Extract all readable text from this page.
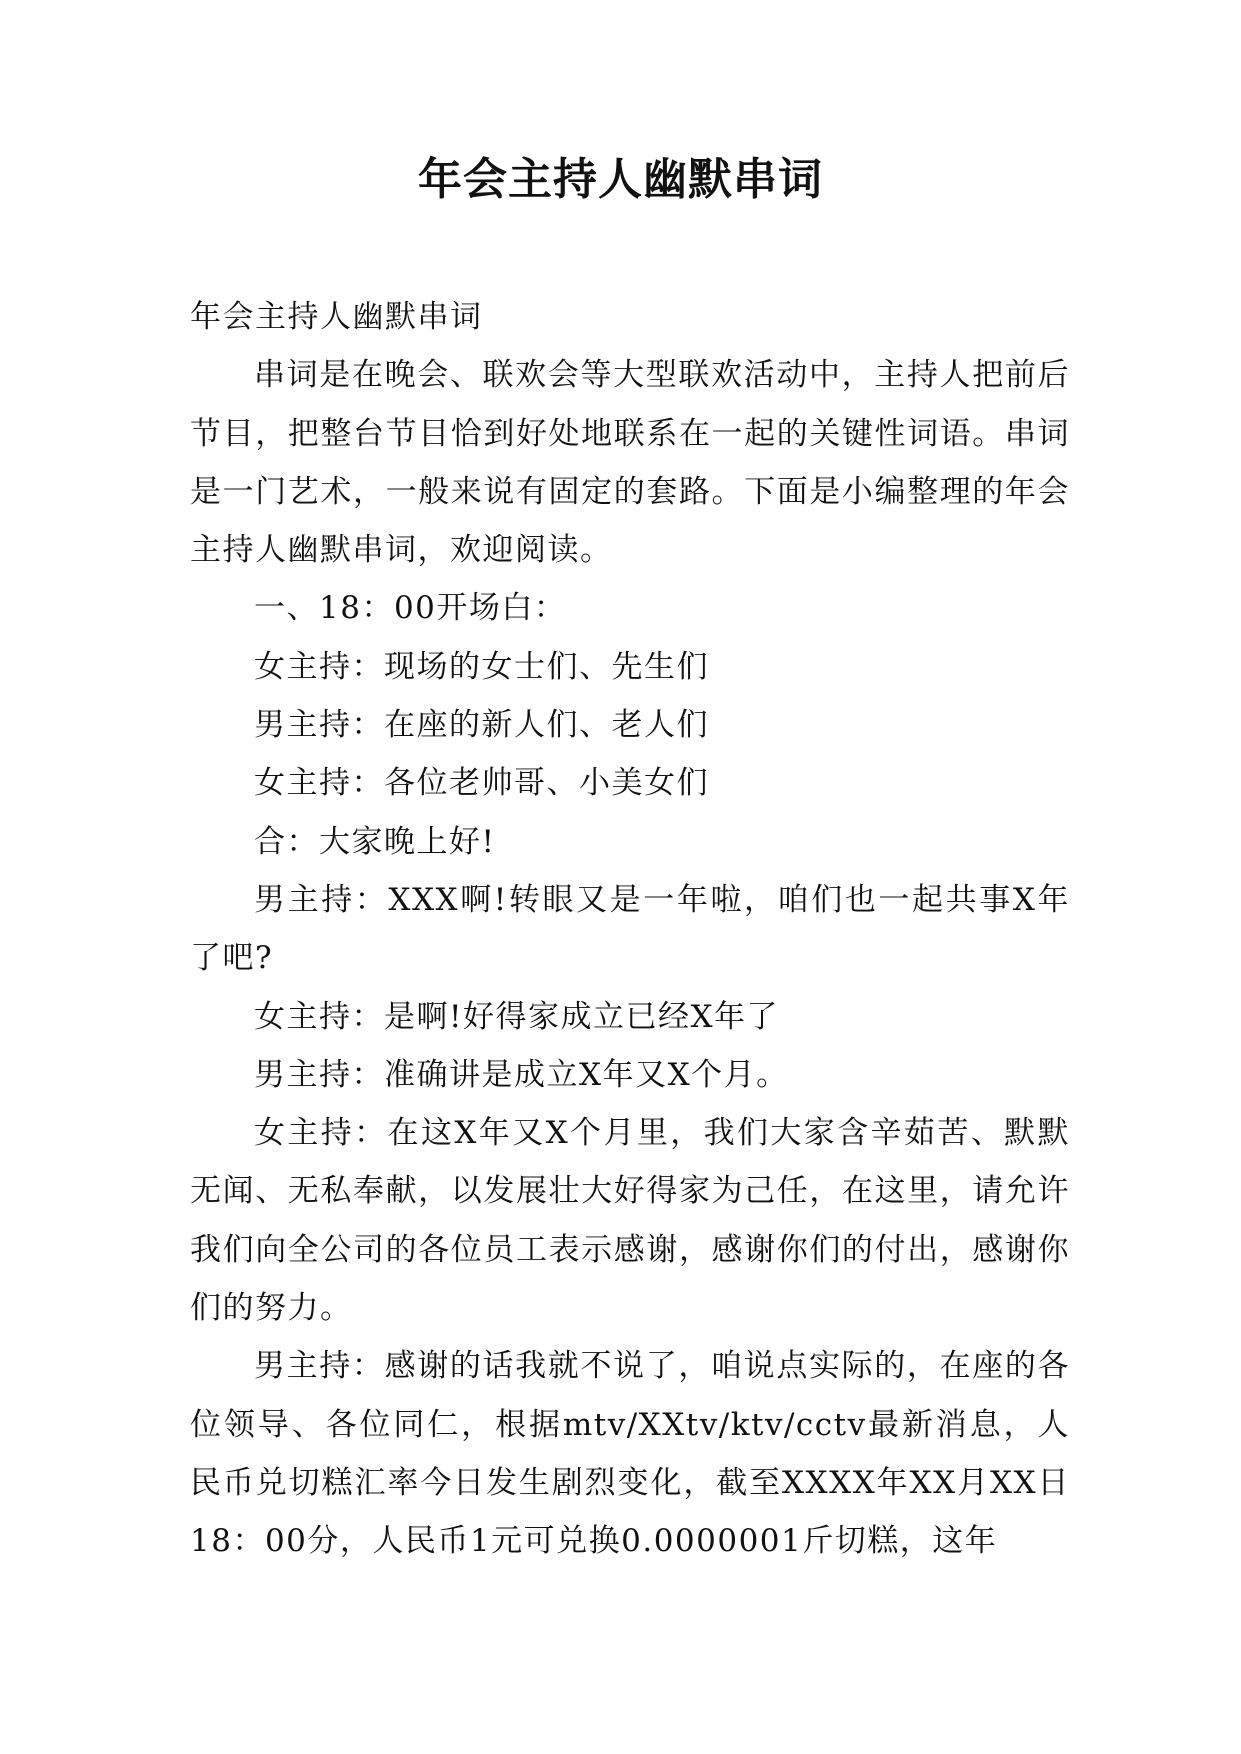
年会主持人幽默串词

年会主持人幽默串词

串词是在晚会、联欢会等大型联欢活动中，主持人把前后节目，把整台节目恰到好处地联系在一起的关键性词语。串词是一门艺术，一般来说有固定的套路。下面是小编整理的年会主持人幽默串词，欢迎阅读。

一、18：00开场白：

女主持：现场的女士们、先生们

男主持：在座的新人们、老人们

女主持：各位老帅哥、小美女们

合：大家晚上好!

男主持：XXX啊!转眼又是一年啦，咱们也一起共事X年了吧?

女主持：是啊!好得家成立已经X年了

男主持：准确讲是成立X年又X个月。

女主持：在这X年又X个月里，我们大家含辛茹苦、默默无闻、无私奉献，以发展壮大好得家为己任，在这里，请允许我们向全公司的各位员工表示感谢，感谢你们的付出，感谢你们的努力。

男主持：感谢的话我就不说了，咱说点实际的，在座的各位领导、各位同仁，根据mtv/XXtv/ktv/cctv最新消息，人民币兑切糕汇率今日发生剧烈变化，截至XXXX年XX月XX日18：00分，人民币1元可兑换0.0000001斤切糕，这年
